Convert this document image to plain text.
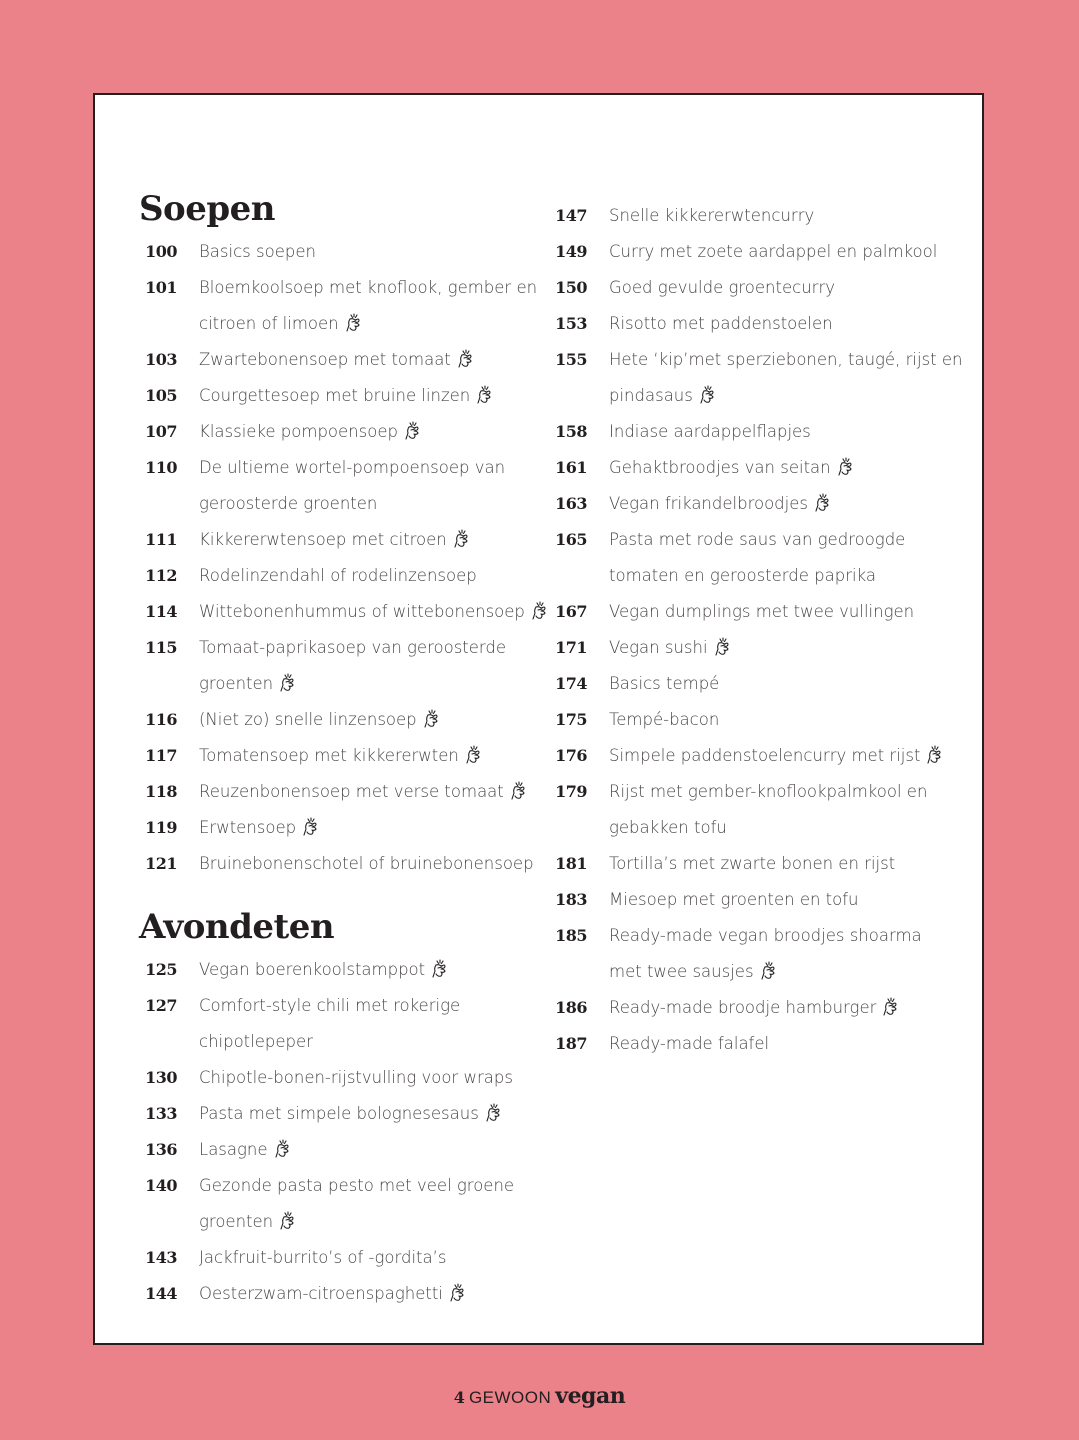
Soepen
100 Basics soepen
101 Bloemkoolsoep met knoflook, gember en
citroen of limoen
103 Zwartebonensoep met tomaat
105 Courgettesoep met bruine linzen
107 Klassieke pompoensoep
110 De ultieme wortel-pompoensoep van
geroosterde groenten
111 Kikkererwtensoep met citroen
112 Rodelinzendahl of rodelinzensoep
114 Wittebonenhummus of wittebonensoep
115 Tomaat-paprikasoep van geroosterde
groenten
116 (Niet zo) snelle linzensoep
117 Tomatensoep met kikkererwten
118 Reuzenbonensoep met verse tomaat
119 Erwtensoep
121 Bruinebonenschotel of bruinebonensoep
Avondeten
125 Vegan boerenkoolstamppot
127 Comfort-style chili met rokerige
chipotlepeper
130 Chipotle-bonen-rijstvulling voor wraps
133 Pasta met simpele bolognesesaus
136 Lasagne
140 Gezonde pasta pesto met veel groene
groenten
143 Jackfruit-burrito’s of -gordita’s
144 Oesterzwam-citroenspaghetti
147 Snelle kikkererwtencurry
149 Curry met zoete aardappel en palmkool
150 Goed gevulde groentecurry
153 Risotto met paddenstoelen
155 Hete ‘kip’met sperziebonen, taugé, rijst en
pindasaus
158 Indiase aardappelflapjes
161 Gehaktbroodjes van seitan
163 Vegan frikandelbroodjes
165 Pasta met rode saus van gedroogde
tomaten en geroosterde paprika
167 Vegan dumplings met twee vullingen
171 Vegan sushi
174 Basics tempé
175 Tempé-bacon
176 Simpele paddenstoelencurry met rijst
179 Rijst met gember-knoflookpalmkool en
gebakken tofu
181 Tortilla’s met zwarte bonen en rijst
183 Miesoep met groenten en tofu
185 Ready-made vegan broodjes shoarma
met twee sausjes
186 Ready-made broodje hamburger
187 Ready-made falafel
4 GEWOON vegan
